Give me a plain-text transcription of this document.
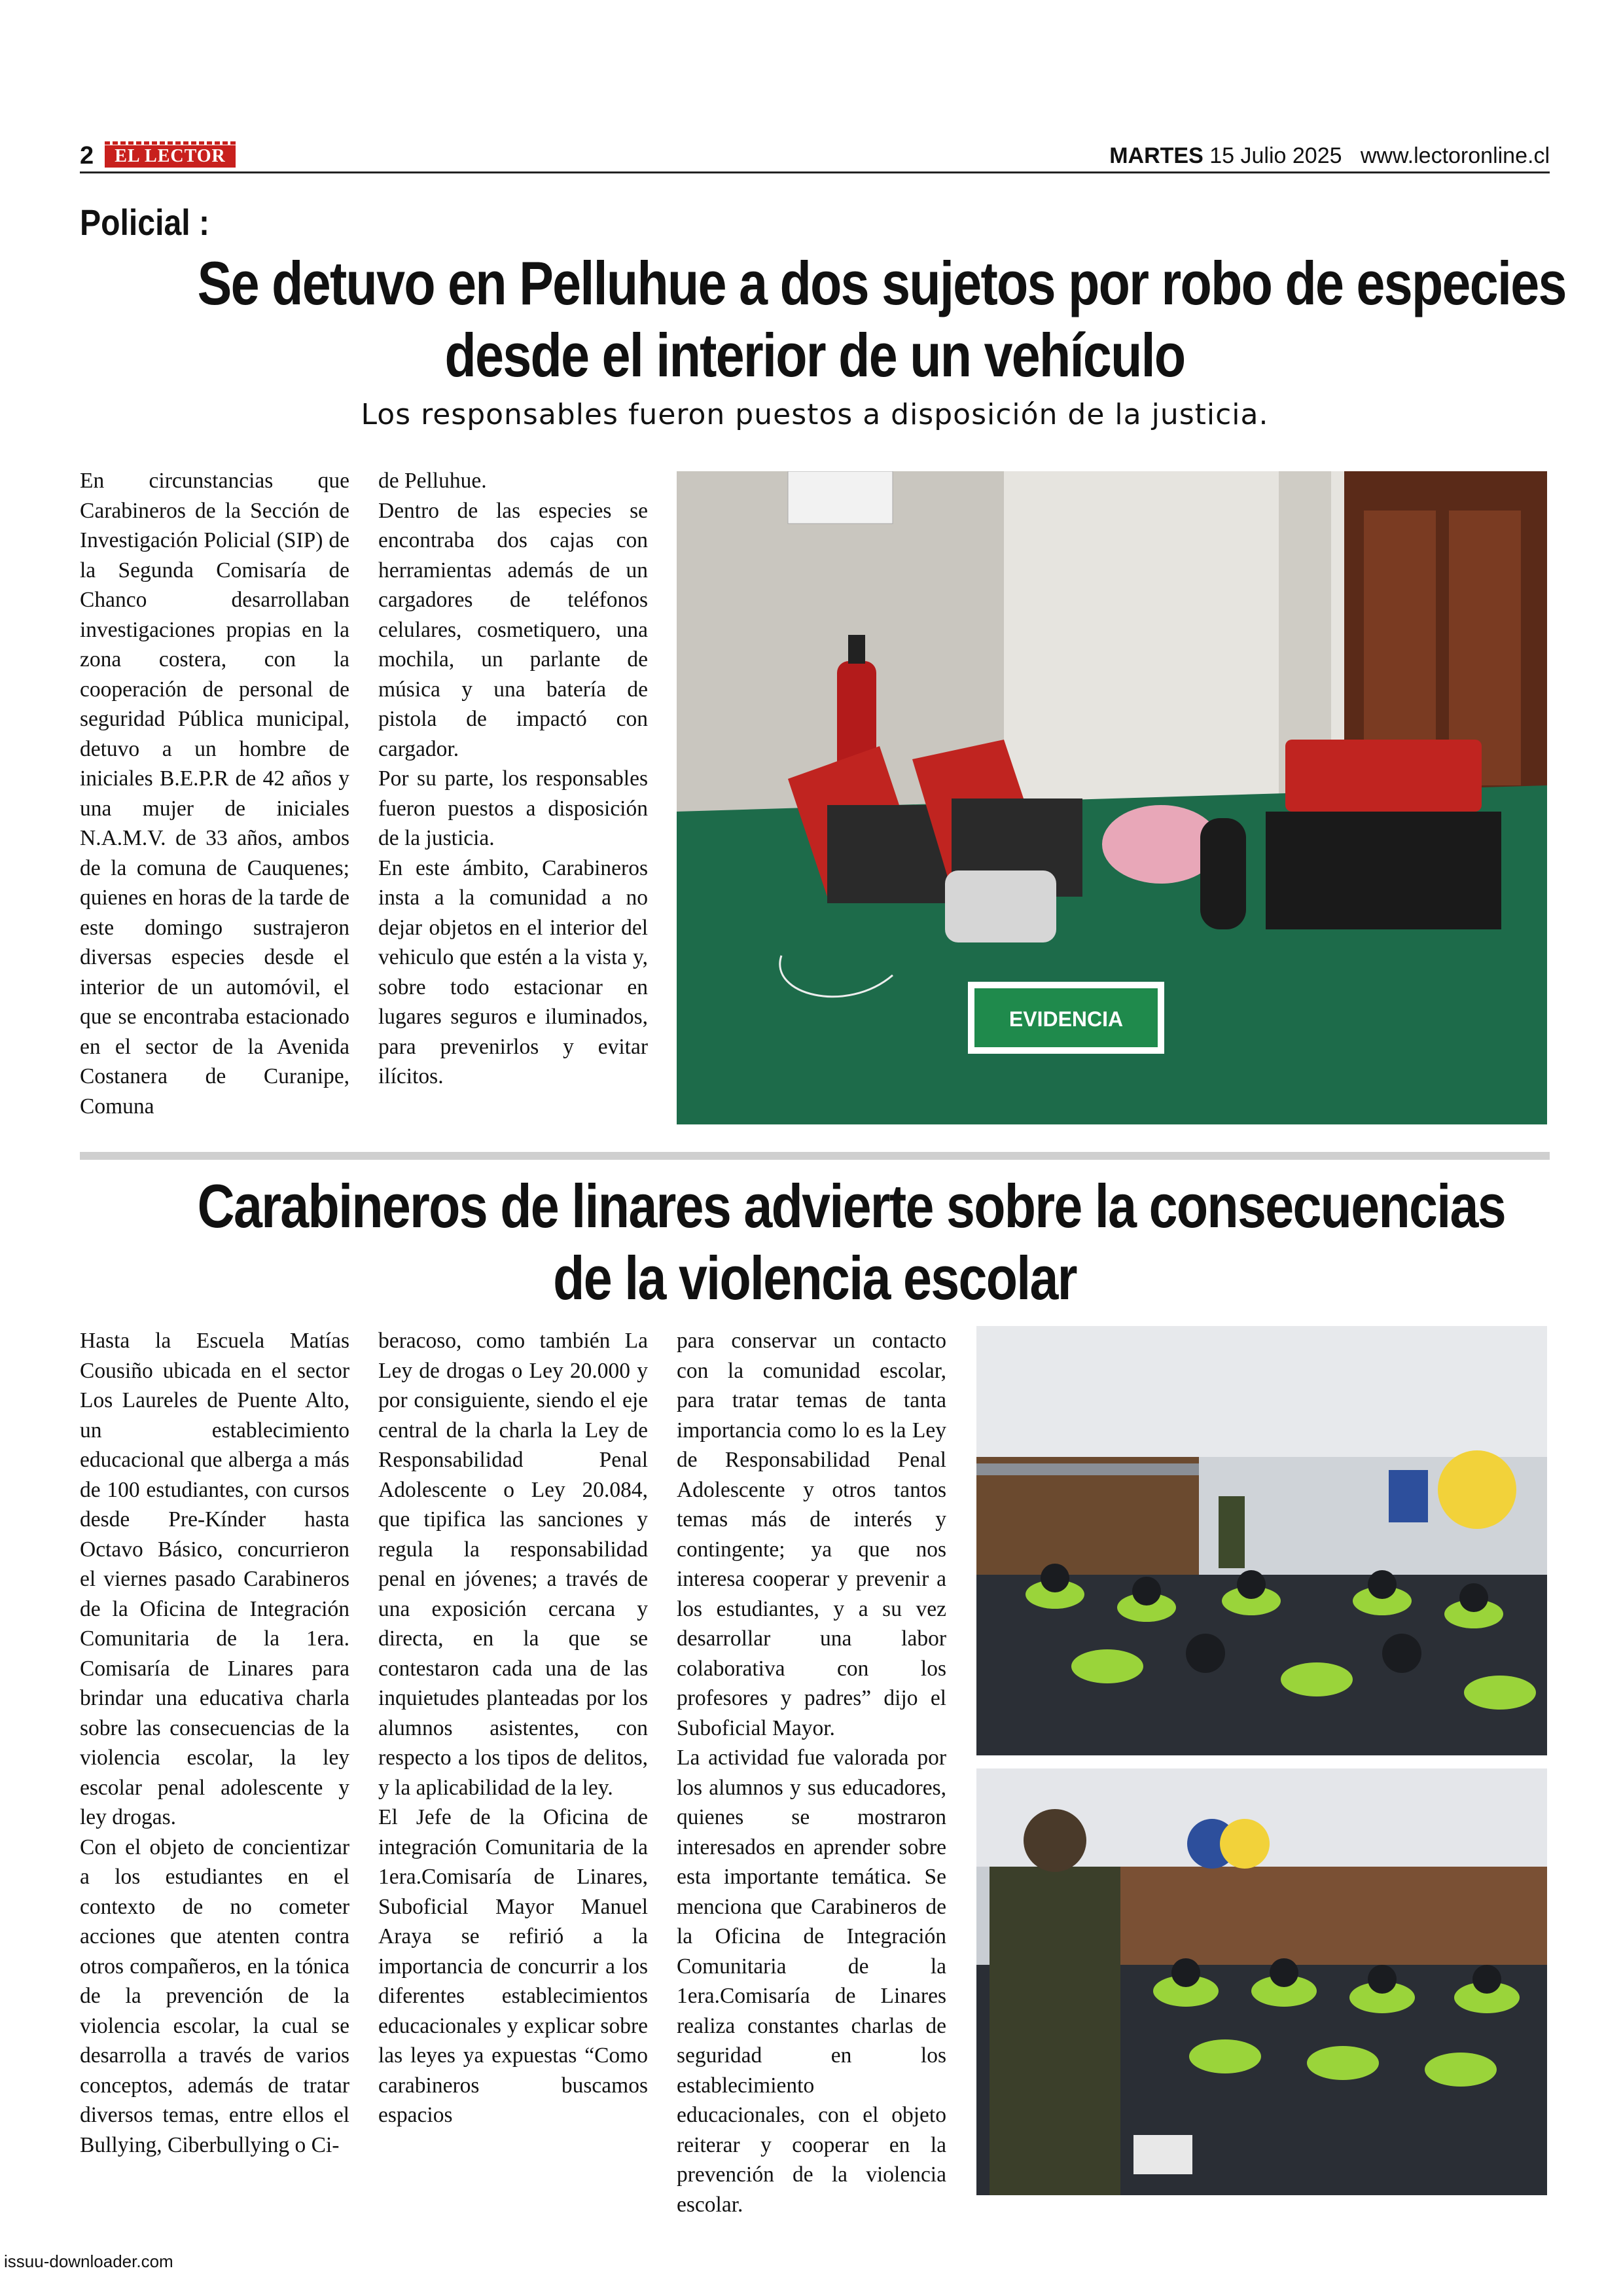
2	EL LECTOR	MARTES 15 Julio 2025 www.lectoronline.cl
Policial :
Se detuvo en Pelluhue a dos sujetos por robo de especies
desde el interior de un vehículo
Los responsables fueron puestos a disposición de la justicia.

En circunstancias que Carabineros de la Sección de Investigación Policial (SIP) de la Segunda Comisaría de Chanco desarrollaban investigaciones propias en la zona costera, con la cooperación de personal de seguridad Pública municipal, detuvo a un hombre de iniciales B.E.P.R de 42 años y una mujer de iniciales N.A.M.V. de 33 años, ambos de la comuna de Cauquenes; quienes en horas de la tarde de este domingo sustrajeron diversas especies desde el interior de un automóvil, el que se encontraba estacionado en el sector de la Avenida Costanera de Curanipe, Comuna

de Pelluhue.

Dentro de las especies se encontraba dos cajas con herramientas además de un cargadores de teléfonos celulares, cosmetiquero, una mochila, un parlante de música y una batería de pistola de impactó con cargador.

Por su parte, los responsables fueron puestos a disposición de la justicia.

En este ámbito, Carabineros insta a la comunidad a no dejar objetos en el interior del vehiculo que estén a la vista y, sobre todo estacionar en lugares seguros e iluminados, para prevenirlos y evitar ilícitos.

EVIDENCIA
Carabineros de linares advierte sobre la consecuencias
de la violencia escolar

Hasta la Escuela Matías Cousiño ubicada en el sector Los Laureles de Puente Alto, un establecimiento educacional que alberga a más de 100 estudiantes, con cursos desde Pre-Kínder hasta Octavo Básico, concurrieron el viernes pasado Carabineros de la Oficina de Integración Comunitaria de la 1era. Comisaría de Linares para brindar una educativa charla sobre las consecuencias de la violencia escolar, la ley escolar penal adolescente y ley drogas.

Con el objeto de concientizar a los estudiantes en el contexto de no cometer acciones que atenten contra otros compañeros, en la tónica de la prevención de la violencia escolar, la cual se desarrolla a través de varios conceptos, además de tratar diversos temas, entre ellos el Bullying, Ciberbullying o Ci-

beracoso, como también La Ley de drogas o Ley 20.000 y por consiguiente, siendo el eje central de la charla la Ley de Responsabilidad Penal Adolescente o Ley 20.084, que tipifica las sanciones y regula la responsabilidad penal en jóvenes; a través de una exposición cercana y directa, en la que se contestaron cada una de las inquietudes planteadas por los alumnos asistentes, con respecto a los tipos de delitos, y la aplicabilidad de la ley.

El Jefe de la Oficina de integración Comunitaria de la 1era.Comisaría de Linares, Suboficial Mayor Manuel Araya se refirió a la importancia de concurrir a los diferentes establecimientos educacionales y explicar sobre las leyes ya expuestas “Como carabineros buscamos espacios

para conservar un contacto con la comunidad escolar, para tratar temas de tanta importancia como lo es la Ley de Responsabilidad Penal Adolescente y otros tantos temas más de interés y contingente; ya que nos interesa cooperar y prevenir a los estudiantes, y a su vez desarrollar una labor colaborativa con los profesores y padres” dijo el Suboficial Mayor.

La actividad fue valorada por los alumnos y sus educadores, quienes se mostraron interesados en aprender sobre esta importante temática. Se menciona que Carabineros de la Oficina de Integración Comunitaria de la 1era.Comisaría de Linares realiza constantes charlas de seguridad en los establecimiento educacionales, con el objeto reiterar y cooperar en la prevención de la violencia escolar.

issuu-downloader.com
